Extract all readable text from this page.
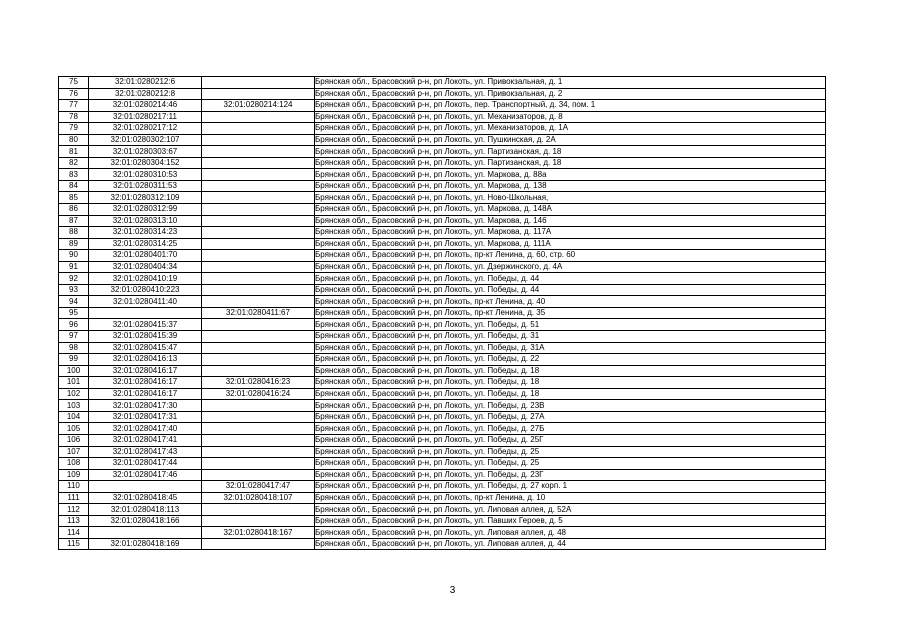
75	32:01:0280212:6		Брянская обл., Брасовский р-н, рп Локоть, ул. Привокзальная, д. 1
76	32:01:0280212:8		Брянская обл., Брасовский р-н, рп Локоть, ул. Привокзальная, д. 2
77	32:01:0280214:46	32:01:0280214:124	Брянская обл., Брасовский р-н, рп Локоть, пер. Транспортный, д. 34, пом. 1
78	32:01:0280217:11		Брянская обл., Брасовский р-н, рп Локоть, ул. Механизаторов, д. 8
79	32:01:0280217:12		Брянская обл., Брасовский р-н, рп Локоть, ул. Механизаторов, д. 1А
80	32:01:0280302:107		Брянская обл., Брасовский р-н, рп Локоть, ул. Пушкинская, д. 2А
81	32:01:0280303:67		Брянская обл., Брасовский р-н, рп Локоть, ул. Партизанская, д. 18
82	32:01:0280304:152		Брянская обл., Брасовский р-н, рп Локоть, ул. Партизанская, д. 18
83	32:01:0280310:53		Брянская обл., Брасовский р-н, рп Локоть, ул. Маркова, д. 88а
84	32:01:0280311:53		Брянская обл., Брасовский р-н, рп Локоть, ул. Маркова, д. 138
85	32:01:0280312:109		Брянская обл., Брасовский р-н, рп Локоть, ул. Ново-Школьная,
86	32:01:0280312:99		Брянская обл., Брасовский р-н, рп Локоть, ул. Маркова, д. 148А
87	32:01:0280313:10		Брянская обл., Брасовский р-н, рп Локоть, ул. Маркова, д. 146
88	32:01:0280314:23		Брянская обл., Брасовский р-н, рп Локоть, ул. Маркова, д. 117А
89	32:01:0280314:25		Брянская обл., Брасовский р-н, рп Локоть, ул. Маркова, д. 111А
90	32:01:0280401:70		Брянская обл., Брасовский р-н, рп Локоть, пр-кт Ленина, д. 60, стр. 60
91	32:01:0280404:34		Брянская обл., Брасовский р-н, рп Локоть, ул. Дзержинского, д. 4А
92	32:01:0280410:19		Брянская обл., Брасовский р-н, рп Локоть, ул. Победы, д. 44
93	32:01:0280410:223		Брянская обл., Брасовский р-н, рп Локоть, ул. Победы, д. 44
94	32:01:0280411:40		Брянская обл., Брасовский р-н, рп Локоть, пр-кт Ленина, д. 40
95		32:01:0280411:67	Брянская обл., Брасовский р-н, рп Локоть, пр-кт Ленина, д. 35
96	32:01:0280415:37		Брянская обл., Брасовский р-н, рп Локоть, ул. Победы, д. 51
97	32:01:0280415:39		Брянская обл., Брасовский р-н, рп Локоть, ул. Победы, д. 31
98	32:01:0280415:47		Брянская обл., Брасовский р-н, рп Локоть, ул. Победы, д. 31А
99	32:01:0280416:13		Брянская обл., Брасовский р-н, рп Локоть, ул. Победы, д. 22
100	32:01:0280416:17		Брянская обл., Брасовский р-н, рп Локоть, ул. Победы, д. 18
101	32:01:0280416:17	32:01:0280416:23	Брянская обл., Брасовский р-н, рп Локоть, ул. Победы, д. 18
102	32:01:0280416:17	32:01:0280416:24	Брянская обл., Брасовский р-н, рп Локоть, ул. Победы, д. 18
103	32:01:0280417:30		Брянская обл., Брасовский р-н, рп Локоть, ул. Победы, д. 23В
104	32:01:0280417:31		Брянская обл., Брасовский р-н, рп Локоть, ул. Победы, д. 27А
105	32:01:0280417:40		Брянская обл., Брасовский р-н, рп Локоть, ул. Победы, д. 27Б
106	32:01:0280417:41		Брянская обл., Брасовский р-н, рп Локоть, ул. Победы, д. 25Г
107	32:01:0280417:43		Брянская обл., Брасовский р-н, рп Локоть, ул. Победы, д. 25
108	32:01:0280417:44		Брянская обл., Брасовский р-н, рп Локоть, ул. Победы, д. 25
109	32:01:0280417:46		Брянская обл., Брасовский р-н, рп Локоть, ул. Победы, д. 23Г
110		32:01:0280417:47	Брянская обл., Брасовский р-н, рп Локоть, ул. Победы, д. 27 корп. 1
111	32:01:0280418:45	32:01:0280418:107	Брянская обл., Брасовский р-н, рп Локоть, пр-кт Ленина, д. 10
112	32:01:0280418:113		Брянская обл., Брасовский р-н, рп Локоть, ул. Липовая аллея, д. 52А
113	32:01:0280418:166		Брянская обл., Брасовский р-н, рп Локоть, ул. Павших Героев, д. 5
114		32:01:0280418:167	Брянская обл., Брасовский р-н, рп Локоть, ул. Липовая аллея, д. 48
115	32:01:0280418:169		Брянская обл., Брасовский р-н, рп Локоть, ул. Липовая аллея, д. 44
3
